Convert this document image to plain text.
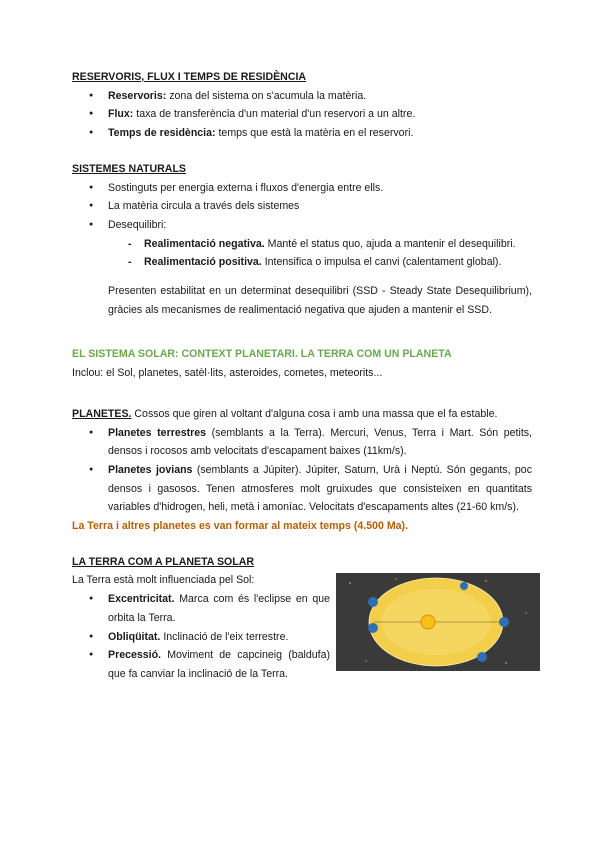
RESERVORIS, FLUX I TEMPS DE RESIDÈNCIA

● Reservoris: zona del sistema on s'acumula la matèria.
● Flux: taxa de transferència d'un material d'un reservori a un altre.
● Temps de residència: temps que està la matèria en el reservori.

SISTEMES NATURALS

● Sostinguts per energia externa i fluxos d'energia entre ells.
● La matèria circula a través dels sistemes
● Desequilibri:
- Realimentació negativa. Manté el status quo, ajuda a mantenir el desequilibri.
- Realimentació positiva. Intensifica o impulsa el canvi (calentament global).

Presenten estabilitat en un determinat desequilibri (SSD - Steady State Desequilibrium), gràcies als mecanismes de realimentació negativa que ajuden a mantenir el SSD.

EL SISTEMA SOLAR: CONTEXT PLANETARI. LA TERRA COM UN PLANETA

Inclou: el Sol, planetes, satèl·lits, asteroides, cometes, meteorits...

PLANETES. Cossos que giren al voltant d'alguna cosa i amb una massa que el fa estable.

● Planetes terrestres (semblants a la Terra). Mercuri, Venus, Terra i Mart. Són petits, densos i rocosos amb velocitats d'escapament baixes (11km/s).
● Planetes jovians (semblants a Júpiter). Júpiter, Saturn, Urà i Neptú. Són gegants, poc densos i gasosos. Tenen atmosferes molt gruixudes que consisteixen en quantitats variables d'hidrogen, heli, metà i amoníac. Velocitats d'escapaments altes (21-60 km/s).

La Terra i altres planetes es van formar al mateix temps (4.500 Ma).

LA TERRA COM A PLANETA SOLAR

La Terra està molt influenciada pel Sol:

● Excentricitat. Marca com és l'eclipse en que orbita la Terra.
● Obliqüitat. Inclinació de l'eix terrestre.
● Precessió. Moviment de capcineig (baldufa) que fa canviar la inclinació de la Terra.
